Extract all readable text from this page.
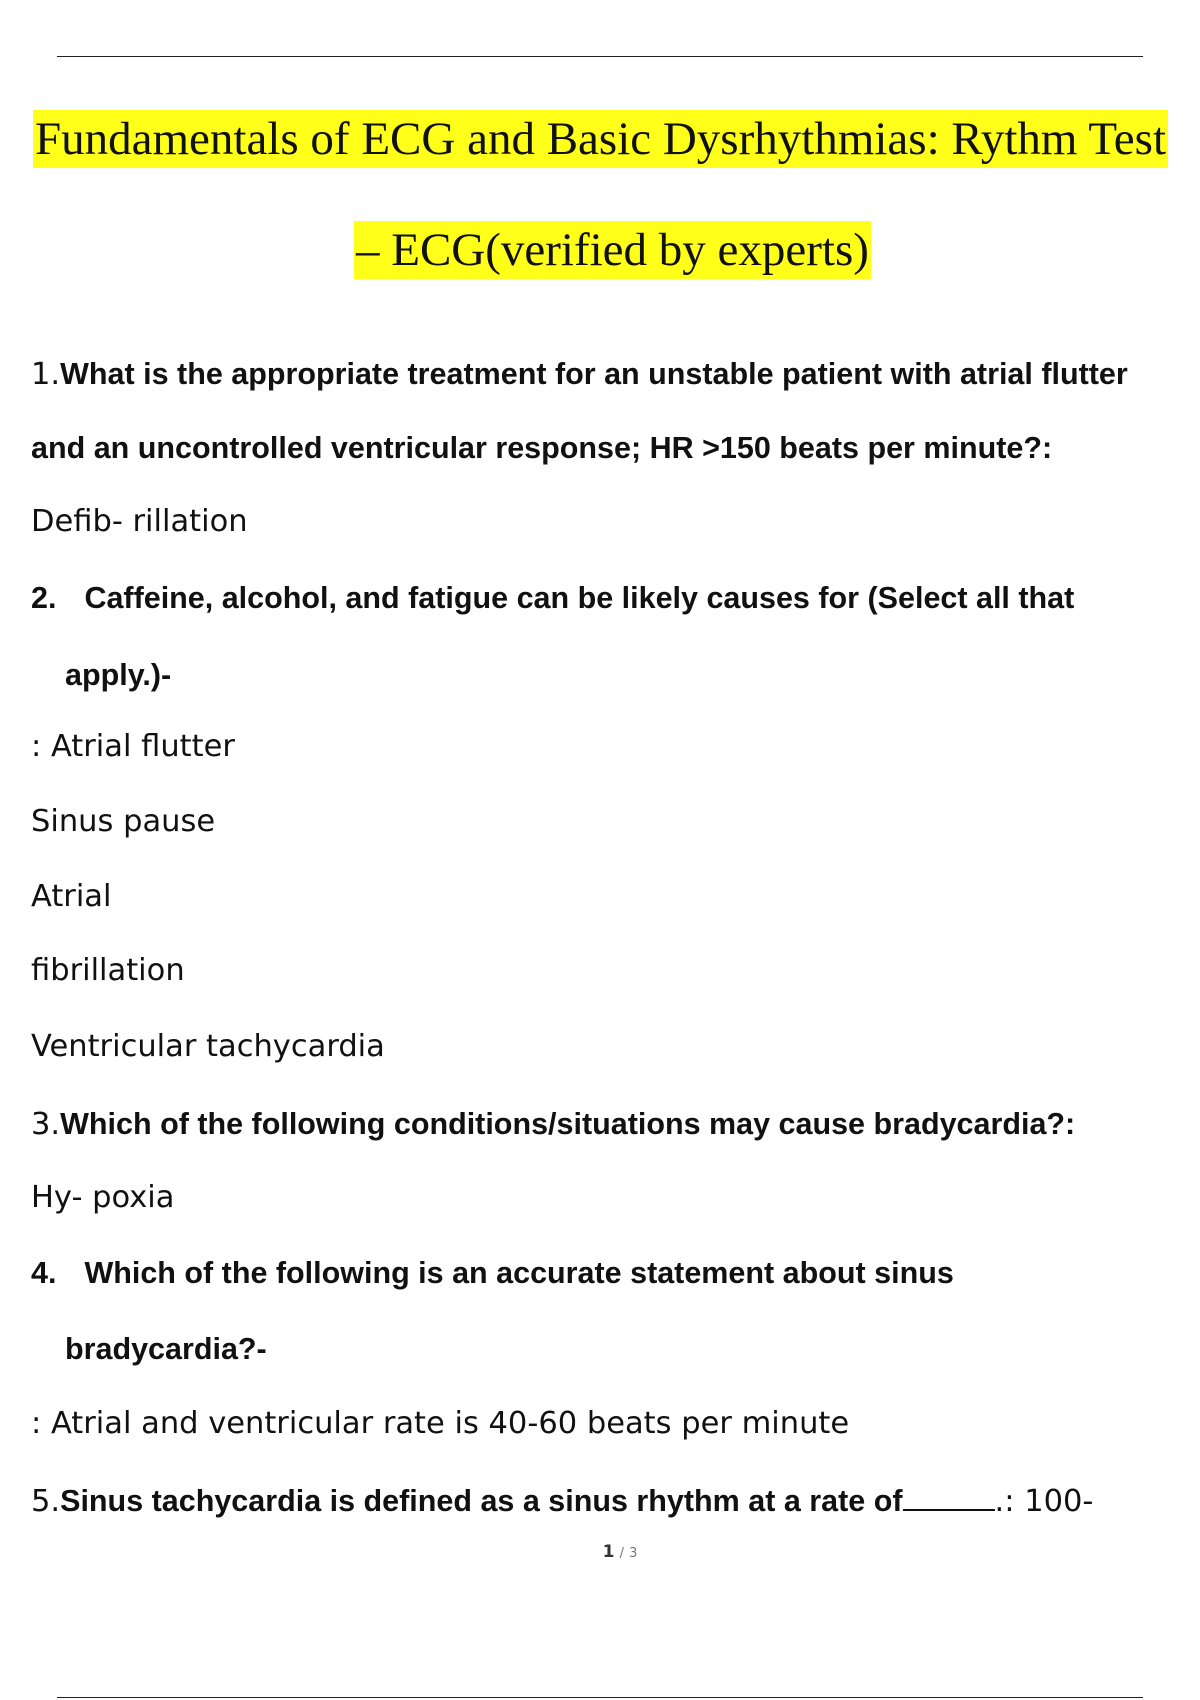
Fundamentals of ECG and Basic Dysrhythmias: Rythm Test
– ECG(verified by experts)
1.What is the appropriate treatment for an unstable patient with atrial flutter
and an uncontrolled ventricular response; HR >150 beats per minute?:
Defib- rillation
2. Caffeine, alcohol, and fatigue can be likely causes for (Select all that
apply.)-
: Atrial flutter
Sinus pause
Atrial
fibrillation
Ventricular tachycardia
3.Which of the following conditions/situations may cause bradycardia?:
Hy- poxia
4. Which of the following is an accurate statement about sinus
bradycardia?-
: Atrial and ventricular rate is 40-60 beats per minute
5.Sinus tachycardia is defined as a sinus rhythm at a rate of	.: 100-
1 / 3
